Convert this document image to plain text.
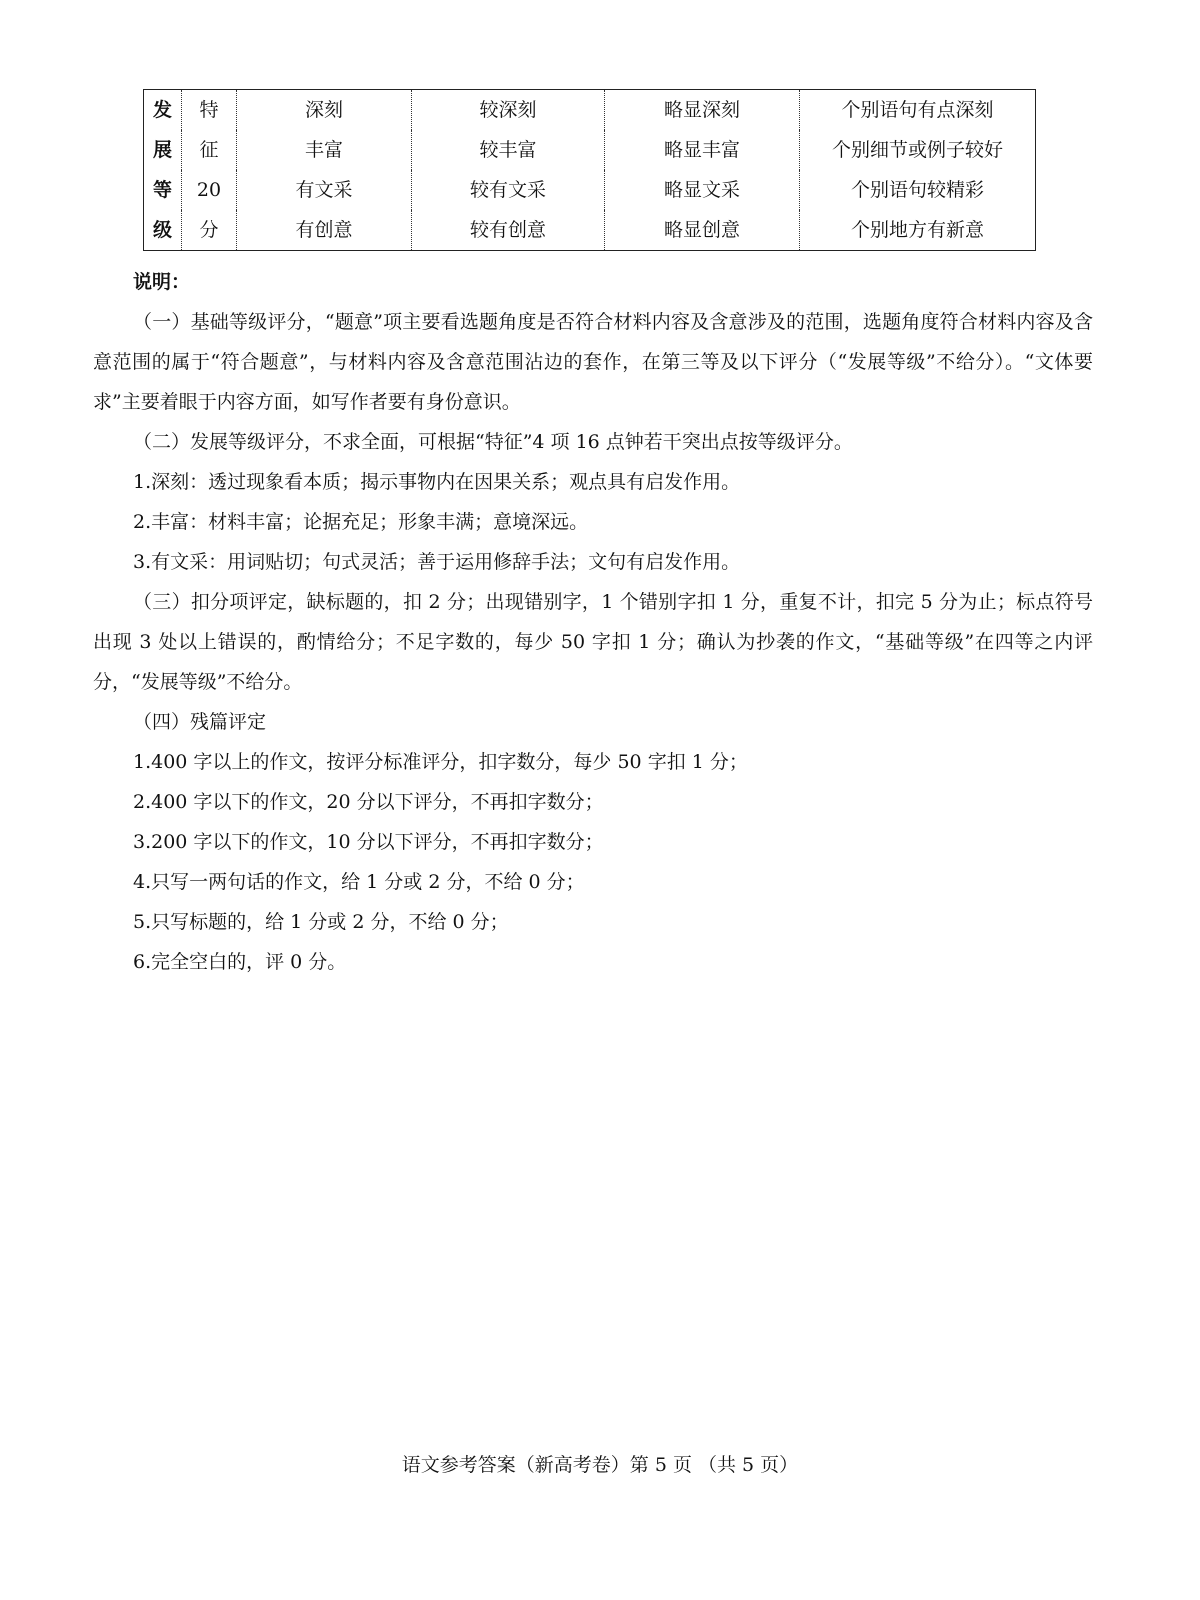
发	特	深刻	较深刻	略显深刻	个别语句有点深刻
展	征	丰富	较丰富	略显丰富	个别细节或例子较好
等	20	有文采	较有文采	略显文采	个别语句较精彩
级	分	有创意	较有创意	略显创意	个别地方有新意
说明：

（一）基础等级评分，“题意”项主要看选题角度是否符合材料内容及含意涉及的范围，选题角度符合材料内容及含意范围的属于“符合题意”，与材料内容及含意范围沾边的套作，在第三等及以下评分（“发展等级”不给分）。“文体要求”主要着眼于内容方面，如写作者要有身份意识。

（二）发展等级评分，不求全面，可根据“特征”4 项 16 点钟若干突出点按等级评分。

1.深刻：透过现象看本质；揭示事物内在因果关系；观点具有启发作用。

2.丰富：材料丰富；论据充足；形象丰满；意境深远。

3.有文采：用词贴切；句式灵活；善于运用修辞手法；文句有启发作用。

（三）扣分项评定，缺标题的，扣 2 分；出现错别字，1 个错别字扣 1 分，重复不计，扣完 5 分为止；标点符号出现 3 处以上错误的，酌情给分；不足字数的，每少 50 字扣 1 分；确认为抄袭的作文，“基础等级”在四等之内评分，“发展等级”不给分。

（四）残篇评定

1.400 字以上的作文，按评分标准评分，扣字数分，每少 50 字扣 1 分；

2.400 字以下的作文，20 分以下评分，不再扣字数分；

3.200 字以下的作文，10 分以下评分，不再扣字数分；

4.只写一两句话的作文，给 1 分或 2 分，不给 0 分；

5.只写标题的，给 1 分或 2 分，不给 0 分；

6.完全空白的，评 0 分。

语文参考答案（新高考卷）第 5 页 （共 5 页）
